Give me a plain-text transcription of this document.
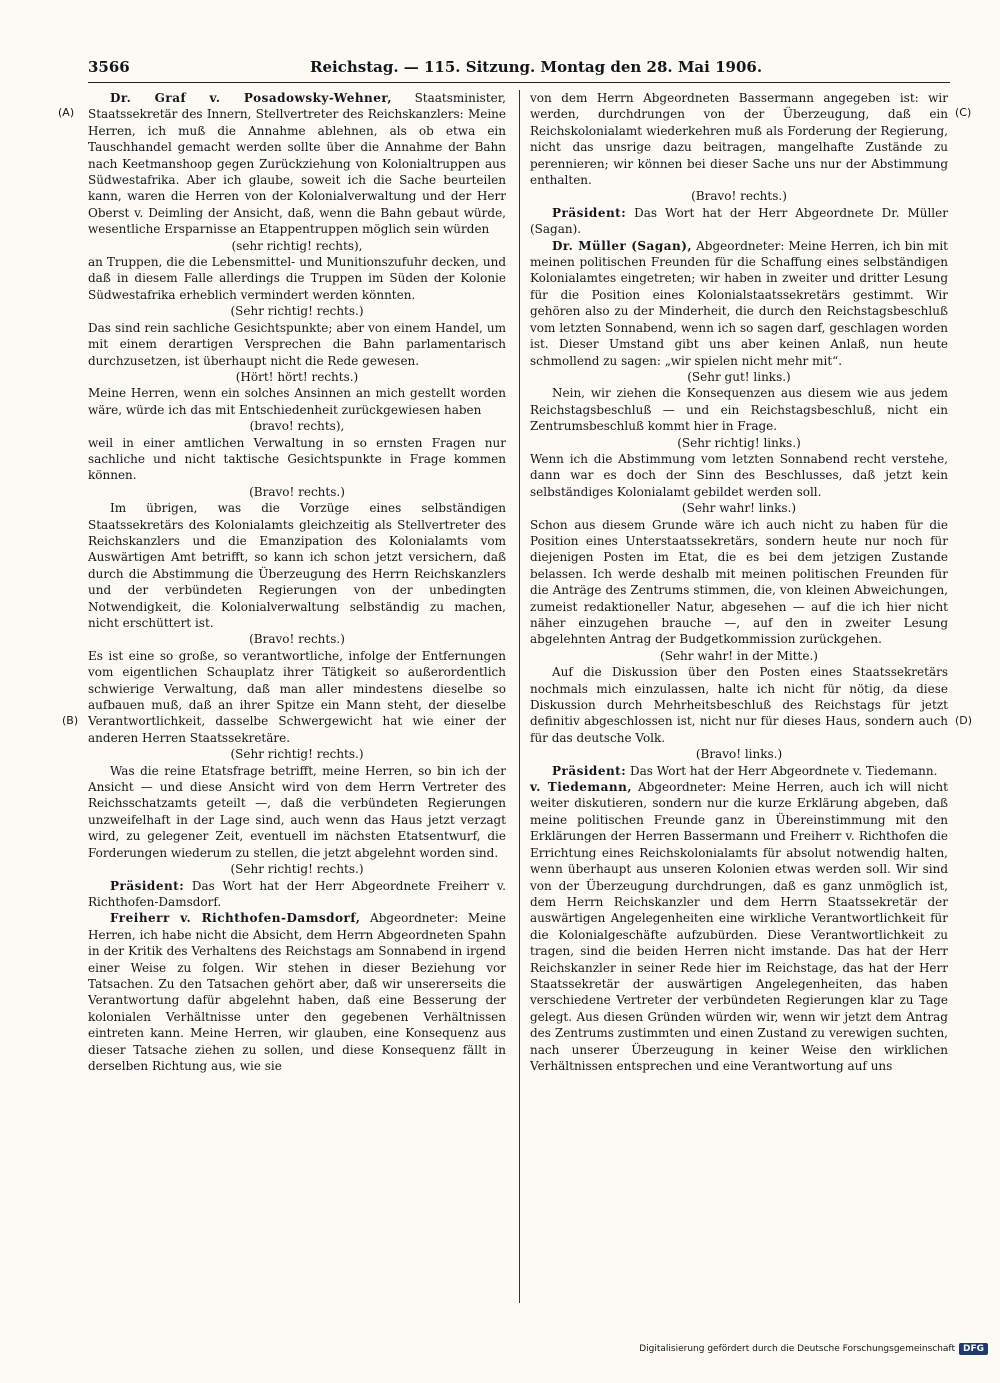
3566	Reichstag. — 115. Sitzung. Montag den 28. Mai 1906.
(A)
(B)
(C)
(D)

Dr. Graf v. Posadowsky-Wehner, Staatsminister, Staatssekretär des Innern, Stellvertreter des Reichskanzlers: Meine Herren, ich muß die Annahme ablehnen, als ob etwa ein Tauschhandel gemacht werden sollte über die Annahme der Bahn nach Keetmanshoop gegen Zurückziehung von Kolonialtruppen aus Südwestafrika. Aber ich glaube, soweit ich die Sache beurteilen kann, waren die Herren von der Kolonialverwaltung und der Herr Oberst v. Deimling der Ansicht, daß, wenn die Bahn gebaut würde, wesentliche Ersparnisse an Etappentruppen möglich sein würden

(sehr richtig! rechts),

an Truppen, die die Lebensmittel- und Munitionszufuhr decken, und daß in diesem Falle allerdings die Truppen im Süden der Kolonie Südwestafrika erheblich vermindert werden könnten.

(Sehr richtig! rechts.)

Das sind rein sachliche Gesichtspunkte; aber von einem Handel, um mit einem derartigen Versprechen die Bahn parlamentarisch durchzusetzen, ist überhaupt nicht die Rede gewesen.

(Hört! hört! rechts.)

Meine Herren, wenn ein solches Ansinnen an mich gestellt worden wäre, würde ich das mit Entschiedenheit zurückgewiesen haben

(bravo! rechts),

weil in einer amtlichen Verwaltung in so ernsten Fragen nur sachliche und nicht taktische Gesichtspunkte in Frage kommen können.

(Bravo! rechts.)

Im übrigen, was die Vorzüge eines selbständigen Staatssekretärs des Kolonialamts gleichzeitig als Stellvertreter des Reichskanzlers und die Emanzipation des Kolonialamts vom Auswärtigen Amt betrifft, so kann ich schon jetzt versichern, daß durch die Abstimmung die Überzeugung des Herrn Reichskanzlers und der verbündeten Regierungen von der unbedingten Notwendigkeit, die Kolonialverwaltung selbständig zu machen, nicht erschüttert ist.

(Bravo! rechts.)

Es ist eine so große, so verantwortliche, infolge der Entfernungen vom eigentlichen Schauplatz ihrer Tätigkeit so außerordentlich schwierige Verwaltung, daß man aller mindestens dieselbe so aufbauen muß, daß an ihrer Spitze ein Mann steht, der dieselbe Verantwortlichkeit, dasselbe Schwergewicht hat wie einer der anderen Herren Staatssekretäre.

(Sehr richtig! rechts.)

Was die reine Etatsfrage betrifft, meine Herren, so bin ich der Ansicht — und diese Ansicht wird von dem Herrn Vertreter des Reichsschatzamts geteilt —, daß die verbündeten Regierungen unzweifelhaft in der Lage sind, auch wenn das Haus jetzt verzagt wird, zu gelegener Zeit, eventuell im nächsten Etatsentwurf, die Forderungen wiederum zu stellen, die jetzt abgelehnt worden sind.

(Sehr richtig! rechts.)

Präsident: Das Wort hat der Herr Abgeordnete Freiherr v. Richthofen-Damsdorf.

Freiherr v. Richthofen-Damsdorf, Abgeordneter: Meine Herren, ich habe nicht die Absicht, dem Herrn Abgeordneten Spahn in der Kritik des Verhaltens des Reichstags am Sonnabend in irgend einer Weise zu folgen. Wir stehen in dieser Beziehung vor Tatsachen. Zu den Tatsachen gehört aber, daß wir unsererseits die Verantwortung dafür abgelehnt haben, daß eine Besserung der kolonialen Verhältnisse unter den gegebenen Verhältnissen eintreten kann. Meine Herren, wir glauben, eine Konsequenz aus dieser Tatsache ziehen zu sollen, und diese Konsequenz fällt in derselben Richtung aus, wie sie

von dem Herrn Abgeordneten Bassermann angegeben ist: wir werden, durchdrungen von der Überzeugung, daß ein Reichskolonialamt wiederkehren muß als Forderung der Regierung, nicht das unsrige dazu beitragen, mangelhafte Zustände zu perennieren; wir können bei dieser Sache uns nur der Abstimmung enthalten.

(Bravo! rechts.)

Präsident: Das Wort hat der Herr Abgeordnete Dr. Müller (Sagan).

Dr. Müller (Sagan), Abgeordneter: Meine Herren, ich bin mit meinen politischen Freunden für die Schaffung eines selbständigen Kolonialamtes eingetreten; wir haben in zweiter und dritter Lesung für die Position eines Kolonialstaatssekretärs gestimmt. Wir gehören also zu der Minderheit, die durch den Reichstagsbeschluß vom letzten Sonnabend, wenn ich so sagen darf, geschlagen worden ist. Dieser Umstand gibt uns aber keinen Anlaß, nun heute schmollend zu sagen: „wir spielen nicht mehr mit“.

(Sehr gut! links.)

Nein, wir ziehen die Konsequenzen aus diesem wie aus jedem Reichstagsbeschluß — und ein Reichstagsbeschluß, nicht ein Zentrumsbeschluß kommt hier in Frage.

(Sehr richtig! links.)

Wenn ich die Abstimmung vom letzten Sonnabend recht verstehe, dann war es doch der Sinn des Beschlusses, daß jetzt kein selbständiges Kolonialamt gebildet werden soll.

(Sehr wahr! links.)

Schon aus diesem Grunde wäre ich auch nicht zu haben für die Position eines Unterstaatssekretärs, sondern heute nur noch für diejenigen Posten im Etat, die es bei dem jetzigen Zustande belassen. Ich werde deshalb mit meinen politischen Freunden für die Anträge des Zentrums stimmen, die, von kleinen Abweichungen, zumeist redaktioneller Natur, abgesehen — auf die ich hier nicht näher einzugehen brauche —, auf den in zweiter Lesung abgelehnten Antrag der Budgetkommission zurückgehen.

(Sehr wahr! in der Mitte.)

Auf die Diskussion über den Posten eines Staatssekretärs nochmals mich einzulassen, halte ich nicht für nötig, da diese Diskussion durch Mehrheitsbeschluß des Reichstags für jetzt definitiv abgeschlossen ist, nicht nur für dieses Haus, sondern auch für das deutsche Volk.

(Bravo! links.)

Präsident: Das Wort hat der Herr Abgeordnete v. Tiedemann.

v. Tiedemann, Abgeordneter: Meine Herren, auch ich will nicht weiter diskutieren, sondern nur die kurze Erklärung abgeben, daß meine politischen Freunde ganz in Übereinstimmung mit den Erklärungen der Herren Bassermann und Freiherr v. Richthofen die Errichtung eines Reichskolonialamts für absolut notwendig halten, wenn überhaupt aus unseren Kolonien etwas werden soll. Wir sind von der Überzeugung durchdrungen, daß es ganz unmöglich ist, dem Herrn Reichskanzler und dem Herrn Staatssekretär der auswärtigen Angelegenheiten eine wirkliche Verantwortlichkeit für die Kolonialgeschäfte aufzubürden. Diese Verantwortlichkeit zu tragen, sind die beiden Herren nicht imstande. Das hat der Herr Reichskanzler in seiner Rede hier im Reichstage, das hat der Herr Staatssekretär der auswärtigen Angelegenheiten, das haben verschiedene Vertreter der verbündeten Regierungen klar zu Tage gelegt. Aus diesen Gründen würden wir, wenn wir jetzt dem Antrag des Zentrums zustimmten und einen Zustand zu verewigen suchten, nach unserer Überzeugung in keiner Weise den wirklichen Verhältnissen entsprechen und eine Verantwortung auf uns

Digitalisierung gefördert durch die Deutsche Forschungsgemeinschaft DFG
